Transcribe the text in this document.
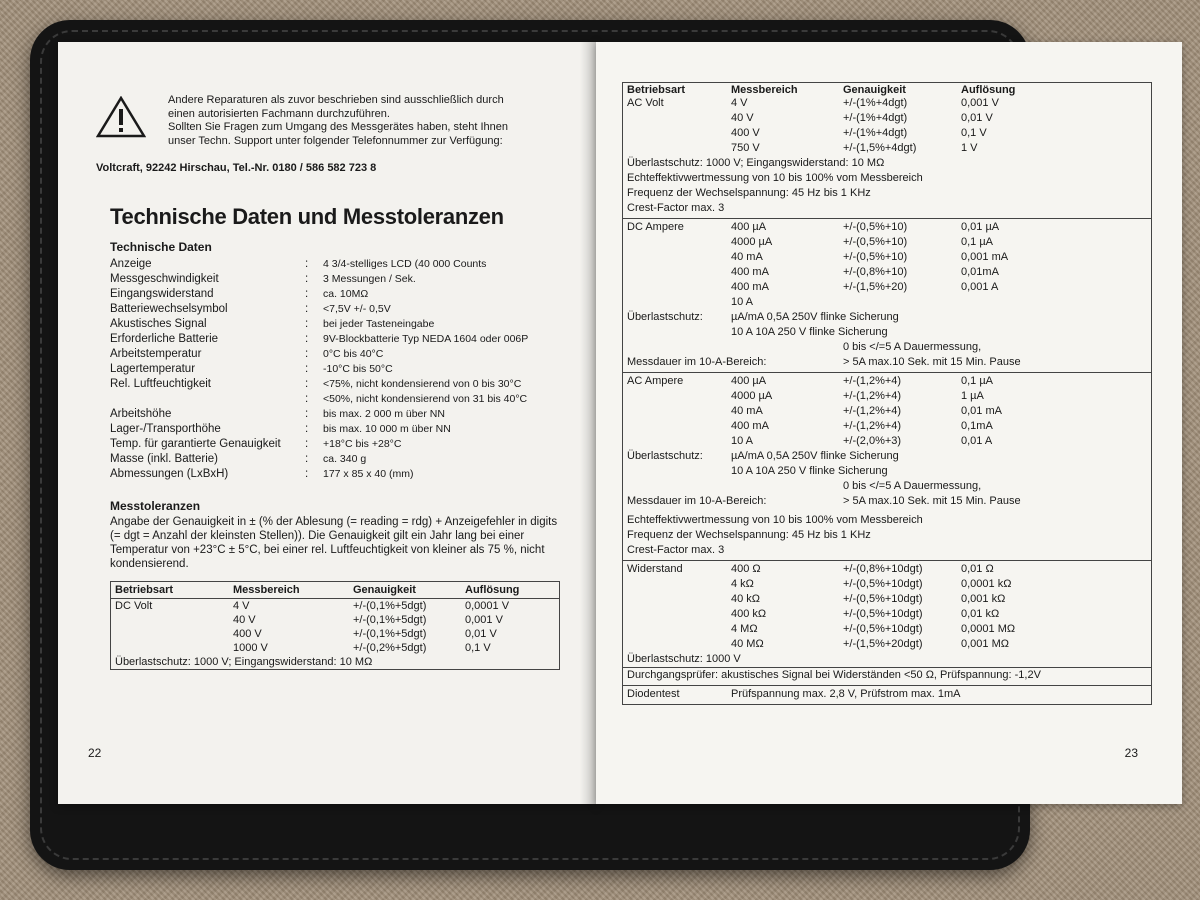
Andere Reparaturen als zuvor beschrieben sind ausschließlich durch
einen autorisierten Fachmann durchzuführen.
Sollten Sie Fragen zum Umgang des Messgerätes haben, steht Ihnen
unser Techn. Support unter folgender Telefonnummer zur Verfügung:
Voltcraft, 92242 Hirschau, Tel.-Nr. 0180 / 586 582 723 8
Technische Daten und Messtoleranzen
Technische Daten
Anzeige	:	4 3/4-stelliges LCD (40 000 Counts
Messgeschwindigkeit	:	3 Messungen / Sek.
Eingangswiderstand	:	ca. 10MΩ
Batteriewechselsymbol	:	<7,5V +/- 0,5V
Akustisches Signal	:	bei jeder Tasteneingabe
Erforderliche Batterie	:	9V-Blockbatterie Typ NEDA 1604 oder 006P
Arbeitstemperatur	:	0°C bis 40°C
Lagertemperatur	:	-10°C bis 50°C
Rel. Luftfeuchtigkeit	:	<75%, nicht kondensierend von 0 bis 30°C
	:	<50%, nicht kondensierend von 31 bis 40°C
Arbeitshöhe	:	bis max. 2 000 m über NN
Lager-/Transporthöhe	:	bis max. 10 000 m über NN
Temp. für garantierte Genauigkeit	:	+18°C bis +28°C
Masse (inkl. Batterie)	:	ca. 340 g
Abmessungen (LxBxH)	:	177 x 85 x 40 (mm)
Messtoleranzen
Angabe der Genauigkeit in ± (% der Ablesung (= reading = rdg) + Anzeigefehler in digits (= dgt = Anzahl der kleinsten Stellen)). Die Genauigkeit gilt ein Jahr lang bei einer Temperatur von +23°C ± 5°C, bei einer rel. Luftfeuchtigkeit von kleiner als 75 %, nicht kondensierend.
Betriebsart	Messbereich	Genauigkeit	Auflösung
DC Volt	4 V	+/-(0,1%+5dgt)	0,0001 V
40 V	+/-(0,1%+5dgt)	0,001 V
400 V	+/-(0,1%+5dgt)	0,01 V
1000 V	+/-(0,2%+5dgt)	0,1 V
Überlastschutz: 1000 V; Eingangswiderstand: 10 MΩ
22
Betriebsart	Messbereich	Genauigkeit	Auflösung
AC Volt	4 V	+/-(1%+4dgt)	0,001 V
40 V	+/-(1%+4dgt)	0,01 V
400 V	+/-(1%+4dgt)	0,1 V
750 V	+/-(1,5%+4dgt)	1 V
Überlastschutz: 1000 V; Eingangswiderstand: 10 MΩ
Echteffektivwertmessung von 10 bis 100% vom Messbereich
Frequenz der Wechselspannung: 45 Hz bis 1 KHz
Crest-Factor max. 3
DC Ampere	400 µA	+/-(0,5%+10)	0,01 µA
4000 µA	+/-(0,5%+10)	0,1 µA
40 mA	+/-(0,5%+10)	0,001 mA
400 mA	+/-(0,8%+10)	0,01mA
400 mA	+/-(1,5%+20)	0,001 A
10 A
Überlastschutz:	µA/mA 0,5A 250V flinke Sicherung
10 A 10A 250 V flinke Sicherung
0 bis </=5 A Dauermessung,
Messdauer im 10-A-Bereich:	> 5A max.10 Sek. mit 15 Min. Pause
AC Ampere	400 µA	+/-(1,2%+4)	0,1 µA
4000 µA	+/-(1,2%+4)	1 µA
40 mA	+/-(1,2%+4)	0,01 mA
400 mA	+/-(1,2%+4)	0,1mA
10 A	+/-(2,0%+3)	0,01 A
Überlastschutz:	µA/mA 0,5A 250V flinke Sicherung
10 A 10A 250 V flinke Sicherung
0 bis </=5 A Dauermessung,
Messdauer im 10-A-Bereich:	> 5A max.10 Sek. mit 15 Min. Pause
Echteffektivwertmessung von 10 bis 100% vom Messbereich
Frequenz der Wechselspannung: 45 Hz bis 1 KHz
Crest-Factor max. 3
Widerstand	400 Ω	+/-(0,8%+10dgt)	0,01 Ω
4 kΩ	+/-(0,5%+10dgt)	0,0001 kΩ
40 kΩ	+/-(0,5%+10dgt)	0,001 kΩ
400 kΩ	+/-(0,5%+10dgt)	0,01 kΩ
4 MΩ	+/-(0,5%+10dgt)	0,0001 MΩ
40 MΩ	+/-(1,5%+20dgt)	0,001 MΩ
Überlastschutz: 1000 V
Durchgangsprüfer: akustisches Signal bei Widerständen <50 Ω, Prüfspannung: -1,2V
Diodentest	Prüfspannung max. 2,8 V, Prüfstrom max. 1mA
23
